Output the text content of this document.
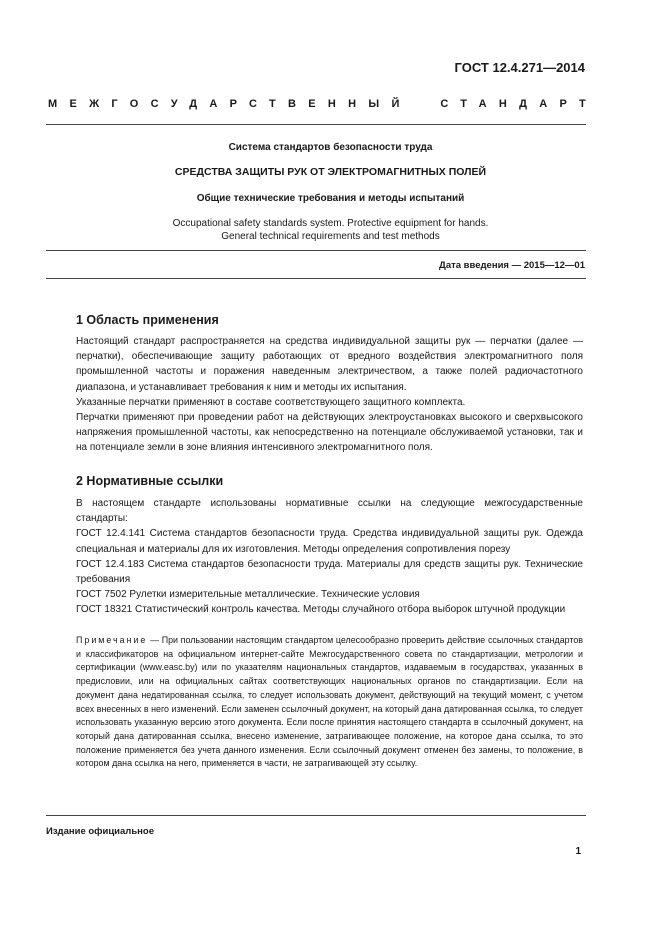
ГОСТ 12.4.271—2014
МЕЖГОСУДАРСТВЕННЫЙ	СТАНДАРТ
Система стандартов безопасности труда
СРЕДСТВА ЗАЩИТЫ РУК ОТ ЭЛЕКТРОМАГНИТНЫХ ПОЛЕЙ
Общие технические требования и методы испытаний
Occupational safety standards system. Protective equipment for hands.
General technical requirements and test methods
Дата введения — 2015—12—01
1 Область применения

Настоящий стандарт распространяется на средства индивидуальной защиты рук — перчатки (далее — перчатки), обеспечивающие защиту работающих от вредного воздействия электромагнитного поля промышленной частоты и поражения наведенным электричеством, а также полей радиочастотного диапазона, и устанавливает требования к ним и методы их испытания.

Указанные перчатки применяют в составе соответствующего защитного комплекта.

Перчатки применяют при проведении работ на действующих электроустановках высокого и сверхвысокого напряжения промышленной частоты, как непосредственно на потенциале обслуживаемой установки, так и на потенциале земли в зоне влияния интенсивного электромагнитного поля.

2 Нормативные ссылки

В настоящем стандарте использованы нормативные ссылки на следующие межгосударственные стандарты:

ГОСТ 12.4.141 Система стандартов безопасности труда. Средства индивидуальной защиты рук. Одежда специальная и материалы для их изготовления. Методы определения сопротивления порезу

ГОСТ 12.4.183 Система стандартов безопасности труда. Материалы для средств защиты рук. Технические требования

ГОСТ 7502 Рулетки измерительные металлические. Технические условия

ГОСТ 18321 Статистический контроль качества. Методы случайного отбора выборок штучной продукции

Примечание — При пользовании настоящим стандартом целесообразно проверить действие ссылочных стандартов и классификаторов на официальном интернет-сайте Межгосударственного совета по стандартизации, метрологии и сертификации (www.easc.by) или по указателям национальных стандартов, издаваемым в государствах, указанных в предисловии, или на официальных сайтах соответствующих национальных органов по стандартизации. Если на документ дана недатированная ссылка, то следует использовать документ, действующий на текущий момент, с учетом всех внесенных в него изменений. Если заменен ссылочный документ, на который дана датированная ссылка, то следует использовать указанную версию этого документа. Если после принятия настоящего стандарта в ссылочный документ, на который дана датированная ссылка, внесено изменение, затрагивающее положение, на которое дана ссылка, то это положение применяется без учета данного изменения. Если ссылочный документ отменен без замены, то положение, в котором дана ссылка на него, применяется в части, не затрагивающей эту ссылку.

Издание официальное
1
